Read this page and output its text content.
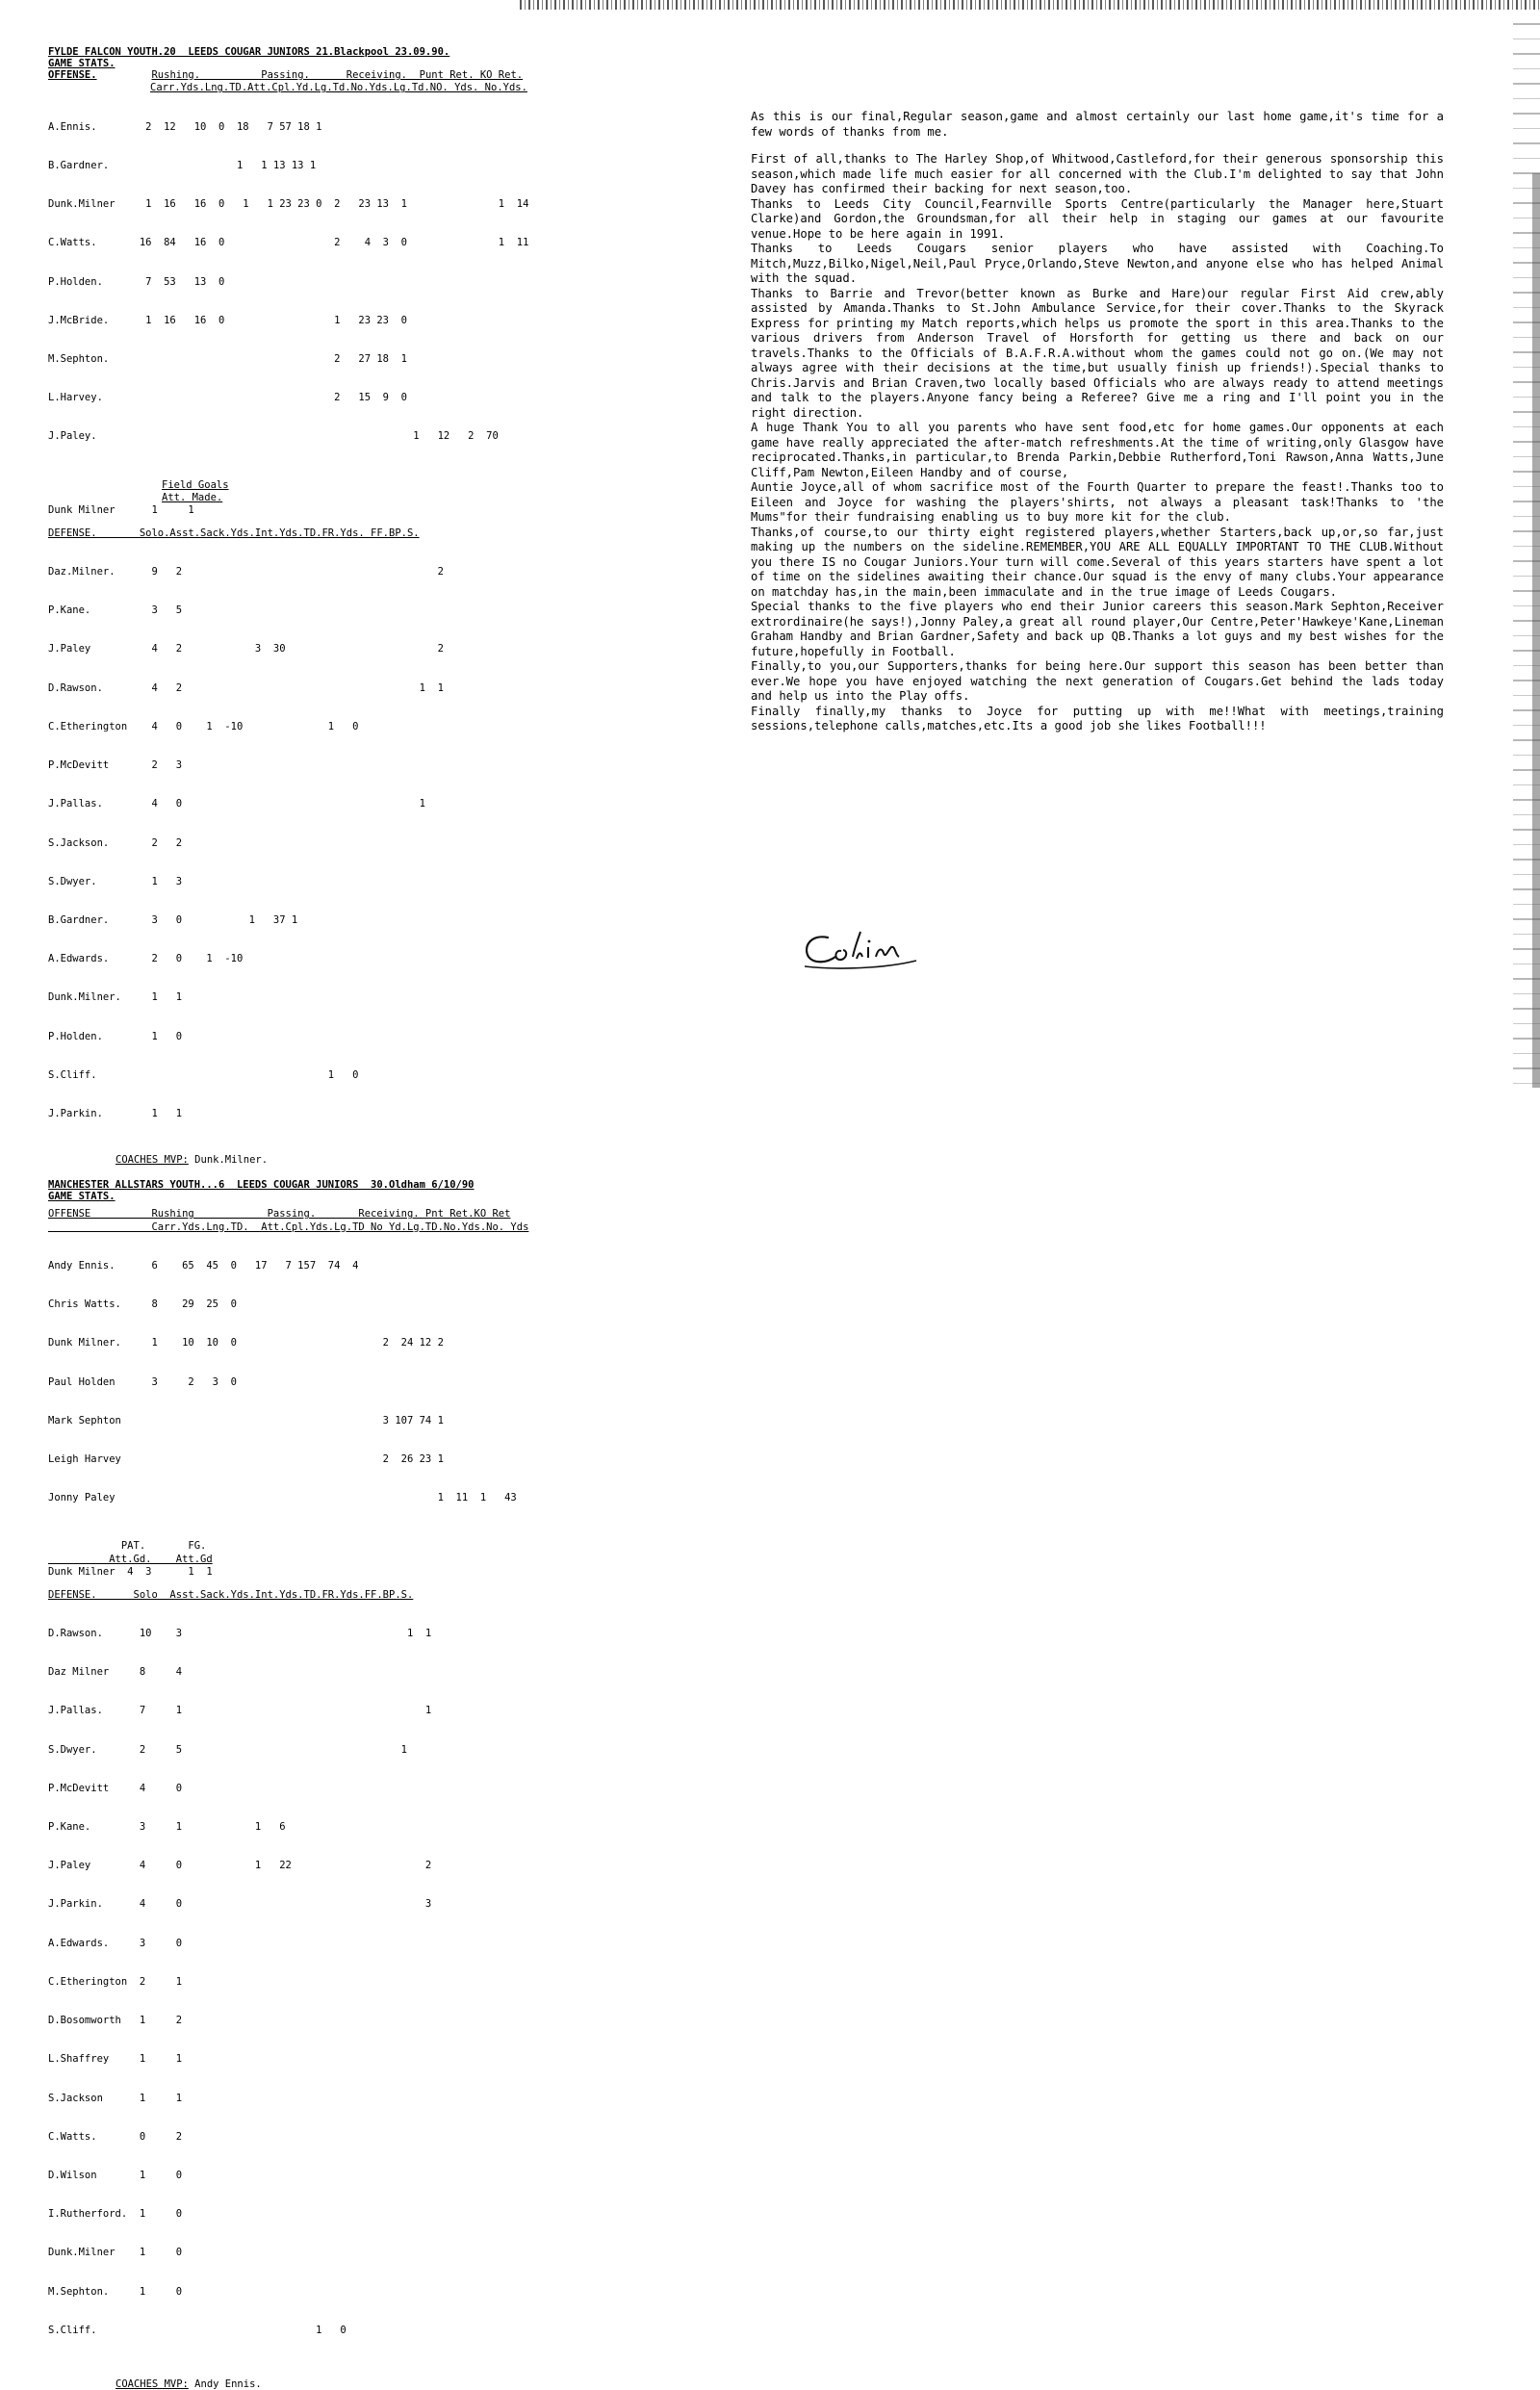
FYLDE FALCON YOUTH.20  LEEDS COUGAR JUNIORS 21.Blackpool 23.09.90.
GAME STATS.
OFFENSE.	Rushing.          Passing.      Receiving.  Punt Ret. KO Ret.
Carr.Yds.Lng.TD.Att.Cpl.Yd.Lg.Td.No.Yds.Lg.Td.NO. Yds. No.Yds.

A.Ennis.        2  12   10  0  18   7 57 18 1

B.Gardner.                     1   1 13 13 1

Dunk.Milner     1  16   16  0   1   1 23 23 0  2   23 13  1               1  14

C.Watts.       16  84   16  0                  2    4  3  0               1  11

P.Holden.       7  53   13  0

J.McBride.      1  16   16  0                  1   23 23  0

M.Sephton.                                     2   27 18  1

L.Harvey.                                      2   15  9  0

J.Paley.                                                    1   12   2  70

Field Goals
Att. Made.
Dunk Milner      1     1
DEFENSE.       Solo.Asst.Sack.Yds.Int.Yds.TD.FR.Yds. FF.BP.S.

Daz.Milner.      9   2                                          2

P.Kane.          3   5

J.Paley          4   2            3  30                         2

D.Rawson.        4   2                                       1  1

C.Etherington    4   0    1  -10              1   0

P.McDevitt       2   3

J.Pallas.        4   0                                       1

S.Jackson.       2   2

S.Dwyer.         1   3

B.Gardner.       3   0           1   37 1

A.Edwards.       2   0    1  -10

Dunk.Milner.     1   1

P.Holden.        1   0

S.Cliff.                                      1   0

J.Parkin.        1   1

COACHES MVP: Dunk.Milner.
MANCHESTER ALLSTARS YOUTH...6  LEEDS COUGAR JUNIORS  30.Oldham 6/10/90
GAME STATS.
OFFENSE          Rushing            Passing.       Receiving. Pnt Ret.KO Ret
Carr.Yds.Lng.TD.  Att.Cpl.Yds.Lg.TD No Yd.Lg.TD.No.Yds.No. Yds

Andy Ennis.      6    65  45  0   17   7 157  74  4

Chris Watts.     8    29  25  0

Dunk Milner.     1    10  10  0                        2  24 12 2

Paul Holden      3     2   3  0

Mark Sephton                                           3 107 74 1

Leigh Harvey                                           2  26 23 1

Jonny Paley                                                     1  11  1   43

PAT.       FG.
Att.Gd.    Att.Gd
Dunk Milner  4  3      1  1
DEFENSE.      Solo  Asst.Sack.Yds.Int.Yds.TD.FR.Yds.FF.BP.S.

D.Rawson.      10    3                                     1  1

Daz Milner     8     4

J.Pallas.      7     1                                        1

S.Dwyer.       2     5                                    1

P.McDevitt     4     0

P.Kane.        3     1            1   6

J.Paley        4     0            1   22                      2

J.Parkin.      4     0                                        3

A.Edwards.     3     0

C.Etherington  2     1

D.Bosomworth   1     2

L.Shaffrey     1     1

S.Jackson      1     1

C.Watts.       0     2

D.Wilson       1     0

I.Rutherford.  1     0

Dunk.Milner    1     0

M.Sephton.     1     0

S.Cliff.                                    1   0

COACHES MVP: Andy Ennis.

As this is our final,Regular season,game and almost certainly our last home game,it's time for a few words of thanks from me.

First of all,thanks to The Harley Shop,of Whitwood,Castleford,for their generous sponsorship this season,which made life much easier for all concerned with the Club.I'm delighted to say that John Davey has confirmed their backing for next season,too.

Thanks to Leeds City Council,Fearnville Sports Centre(particularly the Manager here,Stuart Clarke)and Gordon,the Groundsman,for all their help in staging our games at our favourite venue.Hope to be here again in 1991.

Thanks to Leeds Cougars senior players who have assisted with Coaching.To Mitch,Muzz,Bilko,Nigel,Neil,Paul Pryce,Orlando,Steve Newton,and anyone else who has helped Animal with the squad.

Thanks to Barrie and Trevor(better known as Burke and Hare)our regular First Aid crew,ably assisted by Amanda.Thanks to St.John Ambulance Service,for their cover.Thanks to the Skyrack Express for printing my Match reports,which helps us promote the sport in this area.Thanks to the various drivers from Anderson Travel of Horsforth for getting us there and back on our travels.Thanks to the Officials of B.A.F.R.A.without whom the games could not go on.(We may not always agree with their decisions at the time,but usually finish up friends!).Special thanks to Chris.Jarvis and Brian Craven,two locally based Officials who are always ready to attend meetings and talk to the players.Anyone fancy being a Referee? Give me a ring and I'll point you in the right direction.

A huge Thank You to all you parents who have sent food,etc for home games.Our opponents at each game have really appreciated the after-match refreshments.At the time of writing,only Glasgow have reciprocated.Thanks,in particular,to Brenda Parkin,Debbie Rutherford,Toni Rawson,Anna Watts,June Cliff,Pam Newton,Eileen Handby and of course,

Auntie Joyce,all of whom sacrifice most of the Fourth Quarter to prepare the feast!.Thanks too to Eileen and Joyce for washing the players'shirts, not always a pleasant task!Thanks to 'the Mums"for their fundraising enabling us to buy more kit for the club.

Thanks,of course,to our thirty eight registered players,whether Starters,back up,or,so far,just making up the numbers on the sideline.REMEMBER,YOU ARE ALL EQUALLY IMPORTANT TO THE CLUB.Without you there IS no Cougar Juniors.Your turn will come.Several of this years starters have spent a lot of time on the sidelines awaiting their chance.Our squad is the envy of many clubs.Your appearance on matchday has,in the main,been immaculate and in the true image of Leeds Cougars.

Special thanks to the five players who end their Junior careers this season.Mark Sephton,Receiver extrordinaire(he says!),Jonny Paley,a great all round player,Our Centre,Peter'Hawkeye'Kane,Lineman Graham Handby and Brian Gardner,Safety and back up QB.Thanks a lot guys and my best wishes for the future,hopefully in Football.

Finally,to you,our Supporters,thanks for being here.Our support this season has been better than ever.We hope you have enjoyed watching the next generation of Cougars.Get behind the lads today and help us into the Play offs.

Finally finally,my thanks to Joyce for putting up with me!!What with meetings,training sessions,telephone calls,matches,etc.Its a good job she likes Football!!!
